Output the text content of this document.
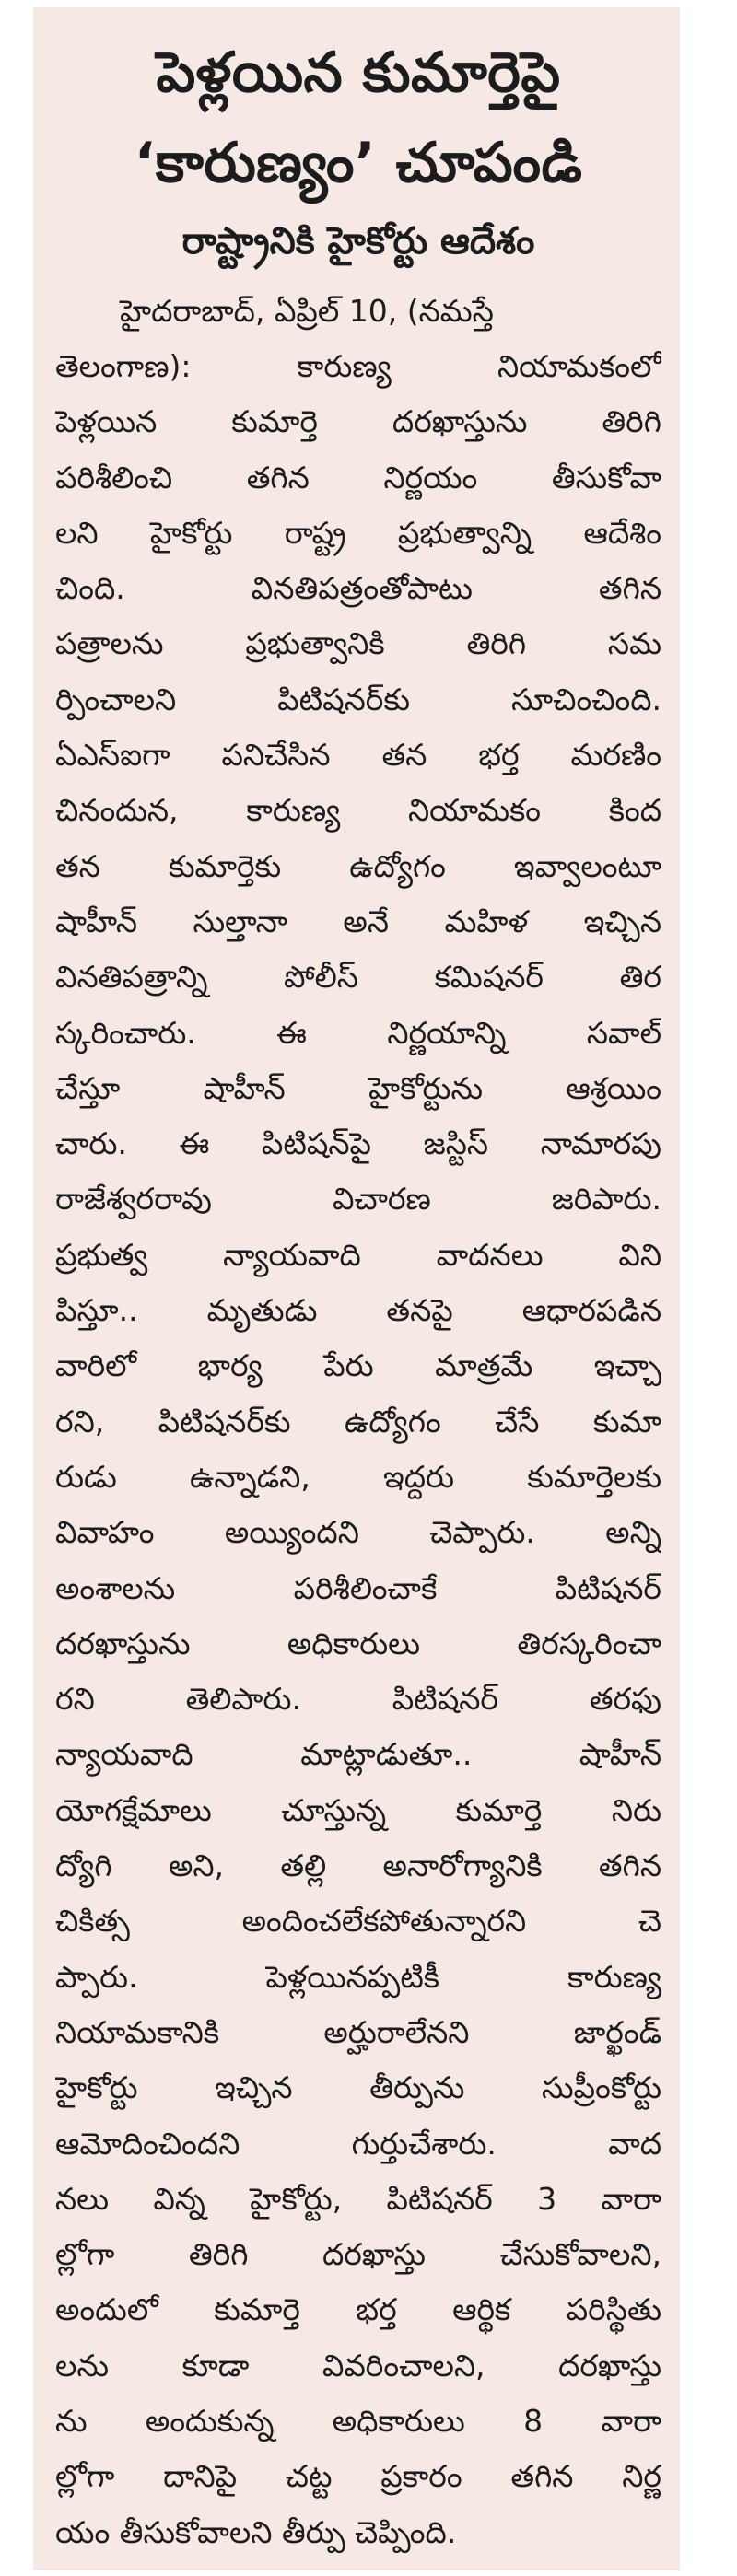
పెళ్లయిన కుమార్తెపై

‘కారుణ్యం’ చూపండి

రాష్ట్రానికి హైకోర్టు ఆదేశం

హైదరాబాద్, ఏప్రిల్ 10, (నమస్తే

తెలంగాణ): కారుణ్య నియామకంలో

పెళ్లయిన కుమార్తె దరఖాస్తును తిరిగి

పరిశీలించి తగిన నిర్ణయం తీసుకోవా

లని హైకోర్టు రాష్ట్ర ప్రభుత్వాన్ని ఆదేశిం

చింది. వినతిపత్రంతోపాటు తగిన

పత్రాలను ప్రభుత్వానికి తిరిగి సమ

ర్పించాలని పిటిషనర్‌కు సూచించింది.

ఏఎస్ఐగా పనిచేసిన తన భర్త మరణిం

చినందున, కారుణ్య నియామకం కింద

తన కుమార్తెకు ఉద్యోగం ఇవ్వాలంటూ

షాహీన్ సుల్తానా అనే మహిళ ఇచ్చిన

వినతిపత్రాన్ని పోలీస్ కమిషనర్ తిర

స్కరించారు. ఈ నిర్ణయాన్ని సవాల్

చేస్తూ షాహీన్ హైకోర్టును ఆశ్రయిం

చారు. ఈ పిటిషన్‌పై జస్టిస్ నామారపు

రాజేశ్వరరావు విచారణ జరిపారు.

ప్రభుత్వ న్యాయవాది వాదనలు విని

పిస్తూ.. మృతుడు తనపై ఆధారపడిన

వారిలో భార్య పేరు మాత్రమే ఇచ్చా

రని, పిటిషనర్‌కు ఉద్యోగం చేసే కుమా

రుడు ఉన్నాడని, ఇద్దరు కుమార్తెలకు

వివాహం అయ్యిందని చెప్పారు. అన్ని

అంశాలను పరిశీలించాకే పిటిషనర్

దరఖాస్తును అధికారులు తిరస్కరించా

రని తెలిపారు. పిటిషనర్ తరఫు

న్యాయవాది మాట్లాడుతూ.. షాహీన్

యోగక్షేమాలు చూస్తున్న కుమార్తె నిరు

ద్యోగి అని, తల్లి అనారోగ్యానికి తగిన

చికిత్స అందించలేకపోతున్నారని చె

ప్పారు. పెళ్లయినప్పటికీ కారుణ్య

నియామకానికి అర్హురాలేనని జార్ఖండ్

హైకోర్టు ఇచ్చిన తీర్పును సుప్రీంకోర్టు

ఆమోదించిందని గుర్తుచేశారు. వాద

నలు విన్న హైకోర్టు, పిటిషనర్ 3 వారా

ల్లోగా తిరిగి దరఖాస్తు చేసుకోవాలని,

అందులో కుమార్తె భర్త ఆర్థిక పరిస్థితు

లను కూడా వివరించాలని, దరఖాస్తు

ను అందుకున్న అధికారులు 8 వారా

ల్లోగా దానిపై చట్ట ప్రకారం తగిన నిర్ణ

యం తీసుకోవాలని తీర్పు చెప్పింది.
